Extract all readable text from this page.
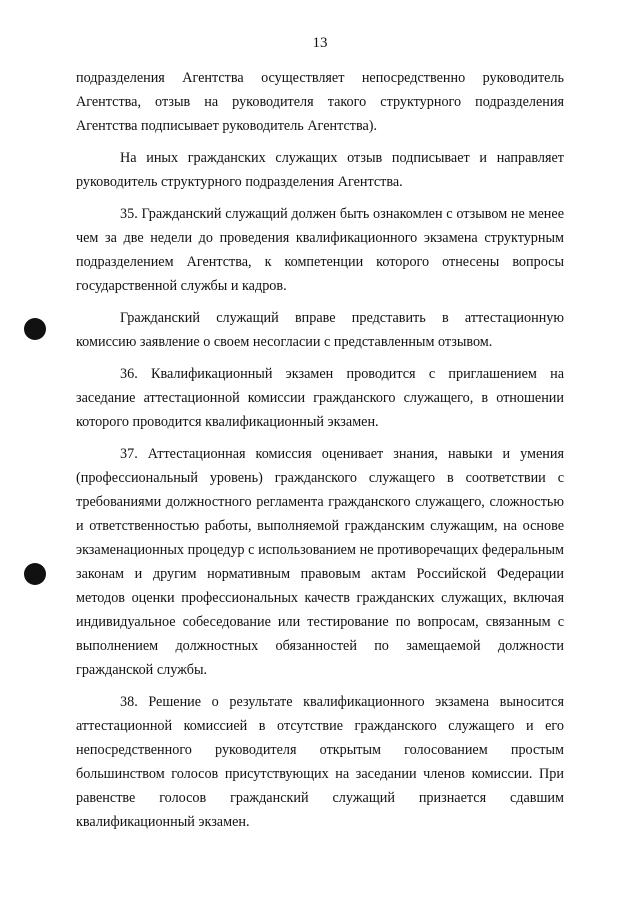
13

подразделения Агентства осуществляет непосредственно руководитель Агентства, отзыв на руководителя такого структурного подразделения Агентства подписывает руководитель Агентства).

На иных гражданских служащих отзыв подписывает и направляет руководитель структурного подразделения Агентства.

35. Гражданский служащий должен быть ознакомлен с отзывом не менее чем за две недели до проведения квалификационного экзамена структурным подразделением Агентства, к компетенции которого отнесены вопросы государственной службы и кадров.

Гражданский служащий вправе представить в аттестационную комиссию заявление о своем несогласии с представленным отзывом.

36. Квалификационный экзамен проводится с приглашением на заседание аттестационной комиссии гражданского служащего, в отношении которого проводится квалификационный экзамен.

37. Аттестационная комиссия оценивает знания, навыки и умения (профессиональный уровень) гражданского служащего в соответствии с требованиями должностного регламента гражданского служащего, сложностью и ответственностью работы, выполняемой гражданским служащим, на основе экзаменационных процедур с использованием не противоречащих федеральным законам и другим нормативным правовым актам Российской Федерации методов оценки профессиональных качеств гражданских служащих, включая индивидуальное собеседование или тестирование по вопросам, связанным с выполнением должностных обязанностей по замещаемой должности гражданской службы.

38. Решение о результате квалификационного экзамена выносится аттестационной комиссией в отсутствие гражданского служащего и его непосредственного руководителя открытым голосованием простым большинством голосов присутствующих на заседании членов комиссии. При равенстве голосов гражданский служащий признается сдавшим квалификационный экзамен.
